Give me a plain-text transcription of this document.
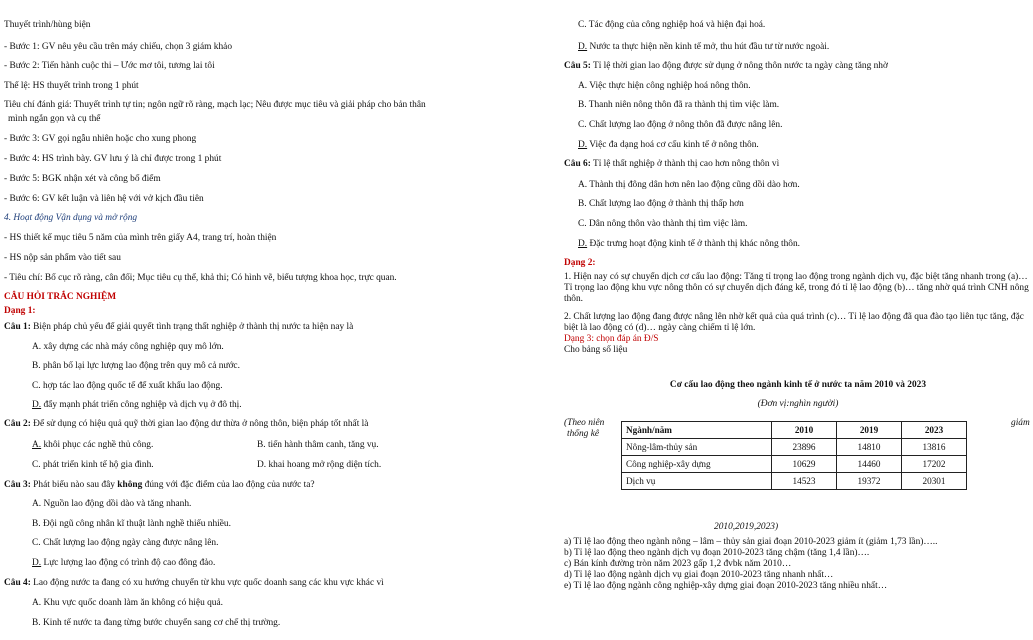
Thuyết trình/hùng biện
- Bước 1: GV nêu yêu cầu trên máy chiếu, chọn 3 giám khảo
- Bước 2: Tiến hành cuộc thi – Ước mơ tôi, tương lai tôi
Thể lệ: HS thuyết trình trong 1 phút
Tiêu chí đánh giá: Thuyết trình tự tin; ngôn ngữ rõ ràng, mạch lạc; Nêu được mục tiêu và giải pháp cho bản thân
mình ngắn gọn và cụ thể
- Bước 3: GV gọi ngẫu nhiên hoặc cho xung phong
- Bước 4: HS trình bày. GV lưu ý là chỉ được trong 1 phút
- Bước 5: BGK nhận xét và công bố điểm
- Bước 6: GV kết luận và liên hệ với vở kịch đầu tiên
4. Hoạt động Vận dụng và mở rộng
- HS thiết kế mục tiêu 5 năm của mình trên giấy A4, trang trí, hoàn thiện
- HS nộp sản phẩm vào tiết sau
- Tiêu chí: Bố cục rõ ràng, cân đối; Mục tiêu cụ thể, khả thi; Có hình vẽ, biểu tượng khoa học, trực quan.
CÂU HỎI TRẮC NGHIỆM
Dạng 1:
Câu 1: Biện pháp chủ yếu để giải quyết tình trạng thất nghiệp ở thành thị nước ta hiện nay là
A. xây dựng các nhà máy công nghiệp quy mô lớn.
B. phân bố lại lực lượng lao động trên quy mô cả nước.
C. hợp tác lao động quốc tế để xuất khẩu lao động.
D. đẩy mạnh phát triển công nghiệp và dịch vụ ở đô thị.
Câu 2: Để sử dụng có hiệu quả quỹ thời gian lao động dư thừa ở nông thôn, biện pháp tốt nhất là
A. khôi phục các nghề thủ công.	B. tiến hành thâm canh, tăng vụ.
C. phát triển kinh tế hộ gia đình.	D. khai hoang mở rộng diện tích.
Câu 3: Phát biểu nào sau đây không đúng với đặc điểm của lao động của nước ta?
A. Nguồn lao động dồi dào và tăng nhanh.
B. Đội ngũ công nhân kĩ thuật lành nghề thiếu nhiều.
C. Chất lượng lao động ngày càng được nâng lên.
D. Lực lượng lao động có trình độ cao đông đảo.
Câu 4: Lao động nước ta đang có xu hướng chuyển từ khu vực quốc doanh sang các khu vực khác vì
A. Khu vực quốc doanh làm ăn không có hiệu quả.
B. Kinh tế nước ta đang từng bước chuyển sang cơ chế thị trường.
C. Tác động của công nghiệp hoá và hiện đại hoá.
D. Nước ta thực hiện nền kinh tế mở, thu hút đầu tư từ nước ngoài.
Câu 5: Tỉ lệ thời gian lao động được sử dụng ở nông thôn nước ta ngày càng tăng nhờ
A. Việc thực hiện công nghiệp hoá nông thôn.
B. Thanh niên nông thôn đã ra thành thị tìm việc làm.
C. Chất lượng lao động ở nông thôn đã được nâng lên.
D. Việc đa dạng hoá cơ cấu kinh tế ở nông thôn.
Câu 6: Tỉ lệ thất nghiệp ở thành thị cao hơn nông thôn vì
A. Thành thị đông dân hơn nên lao động cũng dồi dào hơn.
B. Chất lượng lao động ở thành thị thấp hơn
C. Dân nông thôn vào thành thị tìm việc làm.
D. Đặc trưng hoạt động kinh tế ở thành thị khác nông thôn.
Dạng 2:
1. Hiện nay có sự chuyển dịch cơ cấu lao động: Tăng tỉ trọng lao động trong ngành dịch vụ, đặc biệt tăng nhanh trong (a)… Tỉ trọng lao động khu vực nông thôn có sự chuyển dịch đáng kể, trong đó tỉ lệ lao động (b)… tăng nhờ quá trình CNH nông thôn.
2. Chất lượng lao động đang được nâng lên nhờ kết quả của quá trình (c)… Tỉ lệ lao động đã qua đào tạo liên tục tăng, đặc biệt là lao động có (d)… ngày càng chiếm tỉ lệ lớn.
Dạng 3: chọn đáp án Đ/S
Cho bảng số liệu
Cơ cấu lao động theo ngành kinh tế ở nước ta năm 2010 và 2023
(Đơn vị:nghìn người)
(Theo niên
thống kê
giám
Ngành/năm	2010	2019	2023
Nông-lâm-thủy sản	23896	14810	13816
Công nghiệp-xây dựng	10629	14460	17202
Dịch vụ	14523	19372	20301
2010,2019,2023)
a) Tỉ lệ lao động theo ngành nông – lâm – thủy sản giai đoạn 2010-2023 giảm ít (giảm 1,73 lần)…..
b) Tỉ lệ lao động theo ngành dịch vụ đoạn 2010-2023 tăng chậm (tăng 1,4 lần)….
c) Bán kính đường tròn năm 2023 gấp 1,2 đvbk năm 2010…
d) Tỉ lệ lao động ngành dịch vụ giai đoạn 2010-2023 tăng nhanh nhất…
e) Tỉ lệ lao động ngành công nghiệp-xây dựng giai đoạn 2010-2023 tăng nhiều nhất…
